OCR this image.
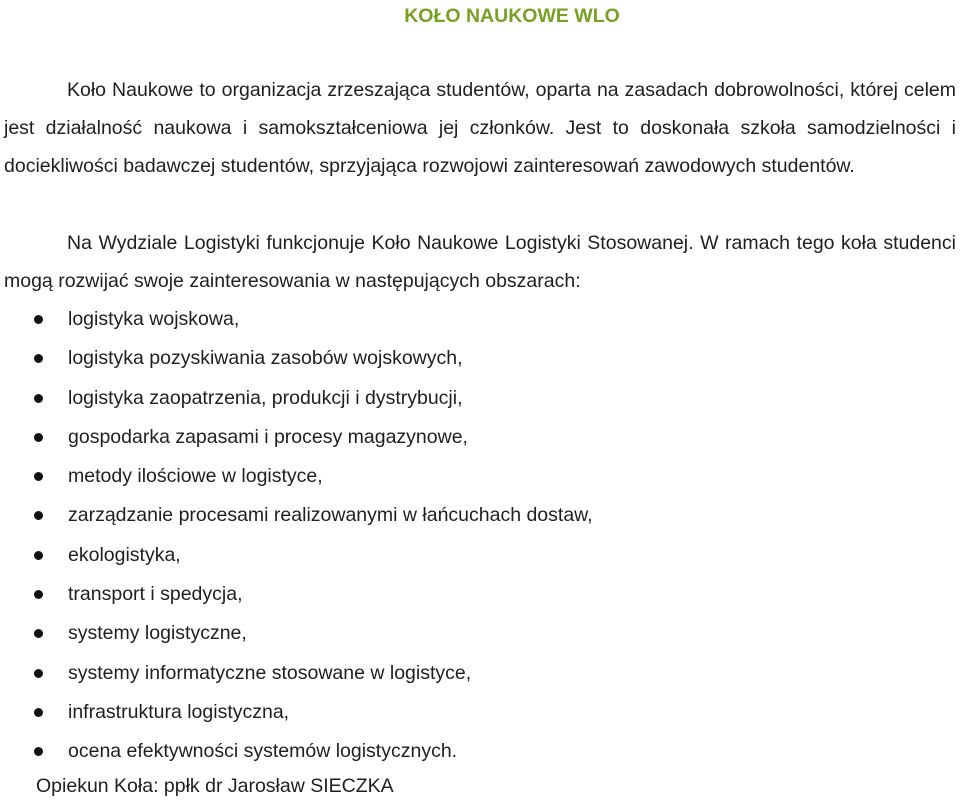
KOŁO NAUKOWE WLO

Koło Naukowe to organizacja zrzeszająca studentów, oparta na zasadach dobrowolności, której celem jest działalność naukowa i samokształceniowa jej członków. Jest to doskonała szkoła samodzielności i dociekliwości badawczej studentów, sprzyjająca rozwojowi zainteresowań zawodowych studentów.

Na Wydziale Logistyki funkcjonuje Koło Naukowe Logistyki Stosowanej. W ramach tego koła studenci mogą rozwijać swoje zainteresowania w następujących obszarach:

logistyka wojskowa,
logistyka pozyskiwania zasobów wojskowych,
logistyka zaopatrzenia, produkcji i dystrybucji,
gospodarka zapasami i procesy magazynowe,
metody ilościowe w logistyce,
zarządzanie procesami realizowanymi w łańcuchach dostaw,
ekologistyka,
transport i spedycja,
systemy logistyczne,
systemy informatyczne stosowane w logistyce,
infrastruktura logistyczna,
ocena efektywności systemów logistycznych.
Opiekun Koła: ppłk dr Jarosław SIECZKA
